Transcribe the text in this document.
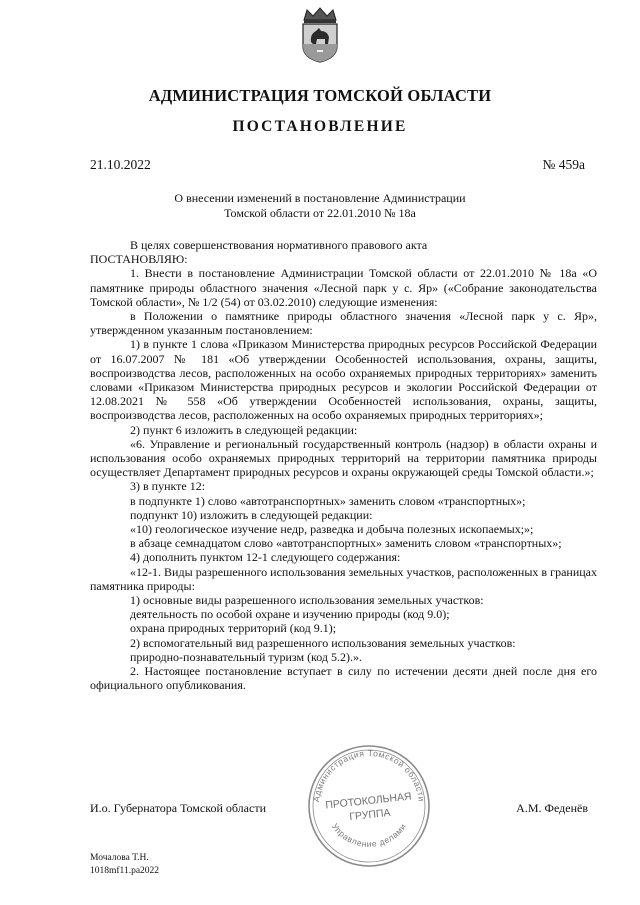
АДМИНИСТРАЦИЯ ТОМСКОЙ ОБЛАСТИ
ПОСТАНОВЛЕНИЕ
21.10.2022	№ 459а
О внесении изменений в постановление Администрации
Томской области от 22.01.2010 № 18а

В целях совершенствования нормативного правового акта

ПОСТАНОВЛЯЮ:

1. Внести в постановление Администрации Томской области от 22.01.2010 № 18а «О памятнике природы областного значения «Лесной парк у с. Яр» («Собрание законодательства Томской области», № 1/2 (54) от 03.02.2010) следующие изменения:

в Положении о памятнике природы областного значения «Лесной парк у с. Яр», утвержденном указанным постановлением:

1) в пункте 1 слова «Приказом Министерства природных ресурсов Российской Федерации от 16.07.2007 № 181 «Об утверждении Особенностей использования, охраны, защиты, воспроизводства лесов, расположенных на особо охраняемых природных территориях» заменить словами «Приказом Министерства природных ресурсов и экологии Российской Федерации от 12.08.2021 № 558 «Об утверждении Особенностей использования, охраны, защиты, воспроизводства лесов, расположенных на особо охраняемых природных территориях»;

2) пункт 6 изложить в следующей редакции:

«6. Управление и региональный государственный контроль (надзор) в области охраны и использования особо охраняемых природных территорий на территории памятника природы осуществляет Департамент природных ресурсов и охраны окружающей среды Томской области.»;

3) в пункте 12:

в подпункте 1) слово «автотранспортных» заменить словом «транспортных»;

подпункт 10) изложить в следующей редакции:

«10) геологическое изучение недр, разведка и добыча полезных ископаемых;»;

в абзаце семнадцатом слово «автотранспортных» заменить словом «транспортных»;

4) дополнить пунктом 12-1 следующего содержания:

«12-1. Виды разрешенного использования земельных участков, расположенных в границах памятника природы:

1) основные виды разрешенного использования земельных участков:

деятельность по особой охране и изучению природы (код 9.0);

охрана природных территорий (код 9.1);

2) вспомогательный вид разрешенного использования земельных участков:

природно-познавательный туризм (код 5.2).».

2. Настоящее постановление вступает в силу по истечении десяти дней после дня его официального опубликования.

И.о. Губернатора Томской области	А.М. Феденёв
Администрация Томской области
Управление делами
ПРОТОКОЛЬНАЯ
ГРУППА
Мочалова Т.Н.
1018mf11.ра2022
